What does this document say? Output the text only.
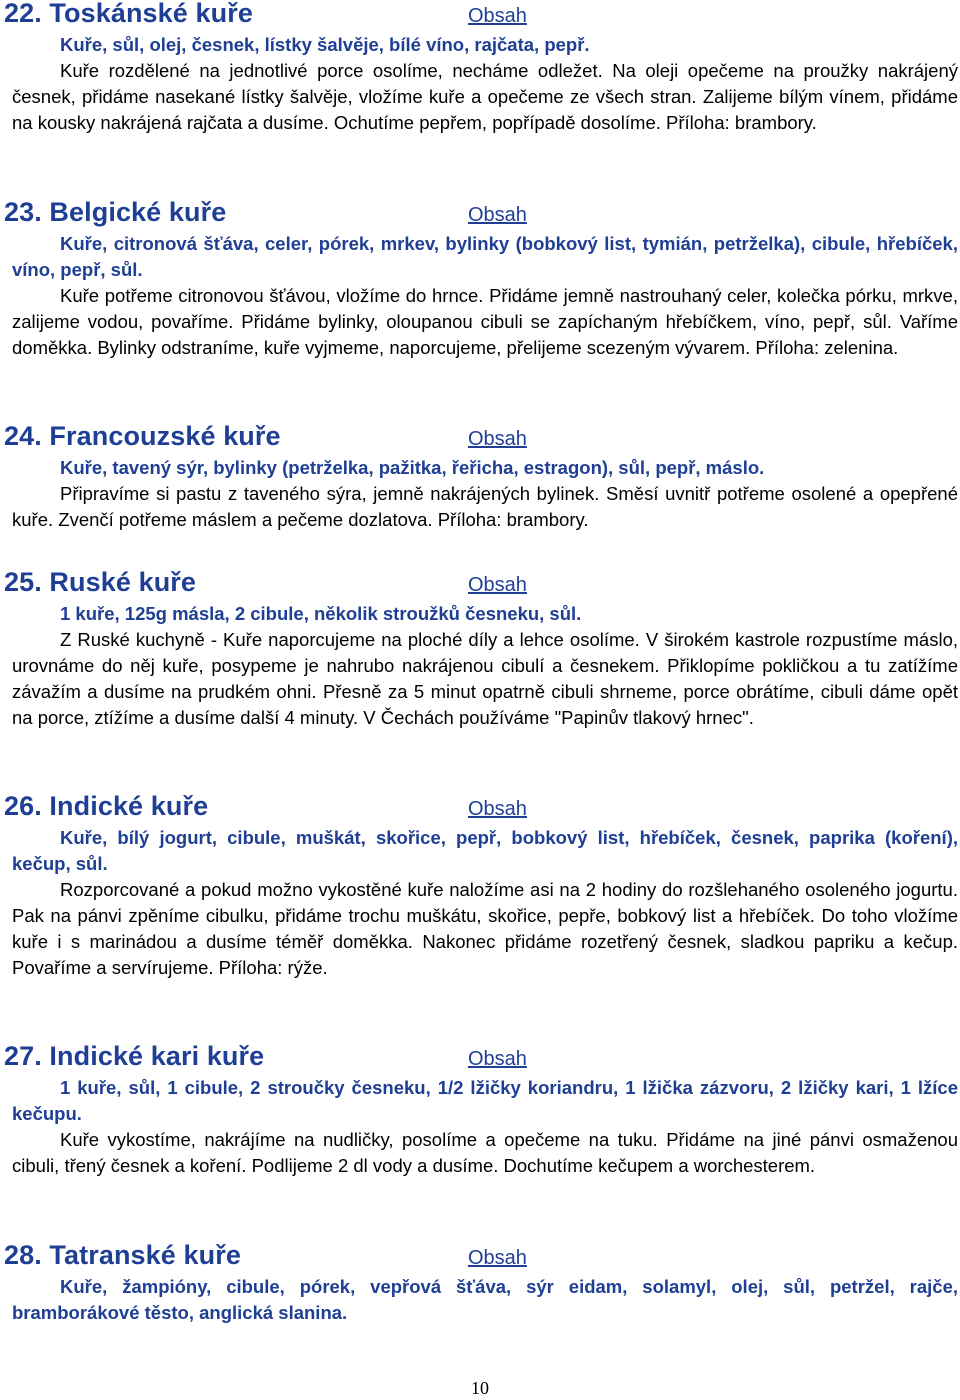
22. Toskánské kuře	Obsah

Kuře, sůl, olej, česnek, lístky šalvěje, bílé víno, rajčata, pepř.

Kuře rozdělené na jednotlivé porce osolíme, necháme odležet. Na oleji opečeme na proužky nakrájený česnek, přidáme nasekané lístky šalvěje, vložíme kuře a opečeme ze všech stran. Zalijeme bílým vínem, přidáme na kousky nakrájená rajčata a dusíme. Ochutíme pepřem, popřípadě dosolíme. Příloha: brambory.

23. Belgické kuře	Obsah

Kuře, citronová šťáva, celer, pórek, mrkev, bylinky (bobkový list, tymián, petrželka), cibule, hřebíček, víno, pepř, sůl.

Kuře potřeme citronovou šťávou, vložíme do hrnce. Přidáme jemně nastrouhaný celer, kolečka pórku, mrkve, zalijeme vodou, povaříme. Přidáme bylinky, oloupanou cibuli se zapíchaným hřebíčkem, víno, pepř, sůl. Vaříme doměkka. Bylinky odstraníme, kuře vyjmeme, naporcujeme, přelijeme scezeným vývarem. Příloha: zelenina.

24. Francouzské kuře	Obsah

Kuře, tavený sýr, bylinky (petrželka, pažitka, řeřicha, estragon), sůl, pepř, máslo.

Připravíme si pastu z taveného sýra, jemně nakrájených bylinek. Směsí uvnitř potřeme osolené a opepřené kuře. Zvenčí potřeme máslem a pečeme dozlatova. Příloha: brambory.

25. Ruské kuře	Obsah

1 kuře, 125g másla, 2 cibule, několik stroužků česneku, sůl.

Z Ruské kuchyně - Kuře naporcujeme na ploché díly a lehce osolíme. V širokém kastrole rozpustíme máslo, urovnáme do něj kuře, posypeme je nahrubo nakrájenou cibulí a česnekem. Přiklopíme pokličkou a tu zatížíme závažím a dusíme na prudkém ohni. Přesně za 5 minut opatrně cibuli shrneme, porce obrátíme, cibuli dáme opět na porce, ztížíme a dusíme další 4 minuty. V Čechách používáme "Papinův tlakový hrnec".

26. Indické kuře	Obsah

Kuře, bílý jogurt, cibule, muškát, skořice, pepř, bobkový list, hřebíček, česnek, paprika (koření), kečup, sůl.

Rozporcované a pokud možno vykostěné kuře naložíme asi na 2 hodiny do rozšlehaného osoleného jogurtu. Pak na pánvi zpěníme cibulku, přidáme trochu muškátu, skořice, pepře, bobkový list a hřebíček. Do toho vložíme kuře i s marinádou a dusíme téměř doměkka. Nakonec přidáme rozetřený česnek, sladkou papriku a kečup. Povaříme a servírujeme. Příloha: rýže.

27. Indické kari kuře	Obsah

1 kuře, sůl, 1 cibule, 2 stroučky česneku, 1/2 lžičky koriandru, 1 lžička zázvoru, 2 lžičky kari, 1 lžíce kečupu.

Kuře vykostíme, nakrájíme na nudličky, posolíme a opečeme na tuku. Přidáme na jiné pánvi osmaženou cibuli, třený česnek a koření. Podlijeme 2 dl vody a dusíme. Dochutíme kečupem a worchesterem.

28. Tatranské kuře	Obsah

Kuře, žampióny, cibule, pórek, vepřová šťáva, sýr eidam, solamyl, olej, sůl, petržel, rajče, bramborákové těsto, anglická slanina.

10
